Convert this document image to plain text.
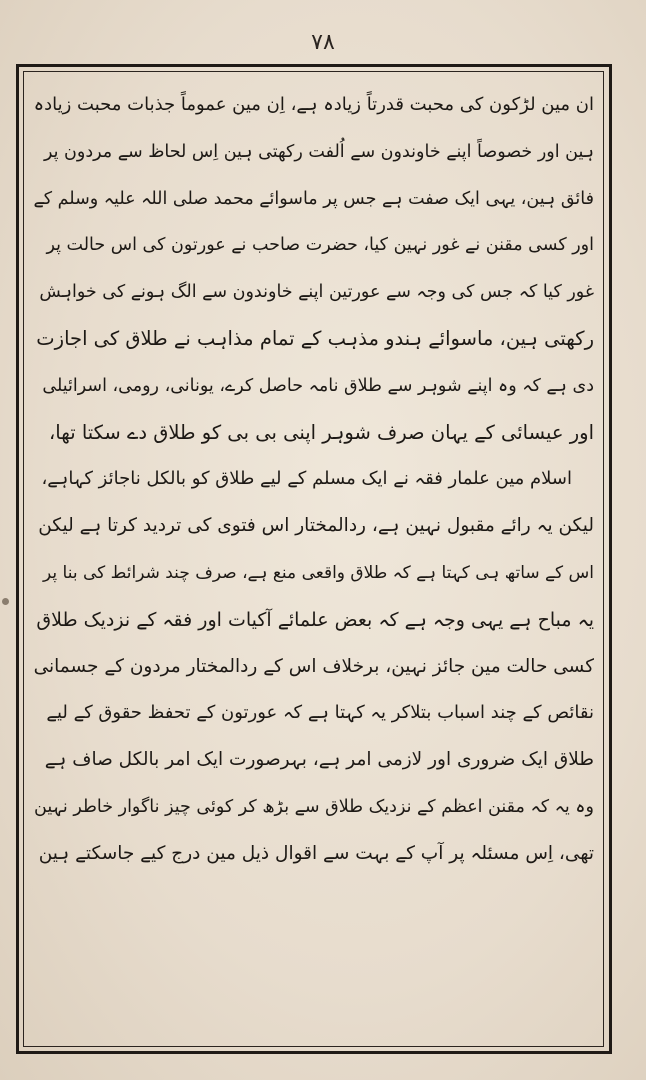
۷۸
ان مین لڑکون کی محبت قدرتاً زیادہ ہے، اِن مین عموماً جذبات محبت زیادہ
ہین اور خصوصاً اپنے خاوندون سے اُلفت رکھتی ہین اِس لحاظ سے مردون پر
فائق ہین، یہی ایک صفت ہے جس پر ماسوائے محمد صلی اللہ علیہ وسلم کے
اور کسی مقنن نے غور نہین کیا، حضرت صاحب نے عورتون کی اس حالت پر
غور کیا کہ جس کی وجہ سے عورتین اپنے خاوندون سے الگ ہونے کی خواہش
رکھتی ہین، ماسوائے ہندو مذہب کے تمام مذاہب نے طلاق کی اجازت
دی ہے کہ وہ اپنے شوہر سے طلاق نامہ حاصل کرے، یونانی، رومی، اسرائیلی
اور عیسائی کے یہان صرف شوہر اپنی بی بی کو طلاق دے سکتا تھا،
اسلام مین علمار فقہ نے ایک مسلم کے لیے طلاق کو بالکل ناجائز کہاہے،
لیکن یہ رائے مقبول نہین ہے، ردالمختار اس فتوی کی تردید کرتا ہے لیکن
اس کے ساتھ ہی کہتا ہے کہ طلاق واقعی منع ہے، صرف چند شرائط کی بنا پر
یہ مباح ہے یہی وجہ ہے کہ بعض علمائے آکیات اور فقہ کے نزدیک طلاق
کسی حالت مین جائز نہین، برخلاف اس کے ردالمختار مردون کے جسمانی
نقائص کے چند اسباب بتلاکر یہ کہتا ہے کہ عورتون کے تحفظ حقوق کے لیے
طلاق ایک ضروری اور لازمی امر ہے، بہرصورت ایک امر بالکل صاف ہے
وہ یہ کہ مقنن اعظم کے نزدیک طلاق سے بڑھ کر کوئی چیز ناگوار خاطر نہین
تھی، اِس مسئلہ پر آپ کے بہت سے اقوال ذیل مین درج کیے جاسکتے ہین
